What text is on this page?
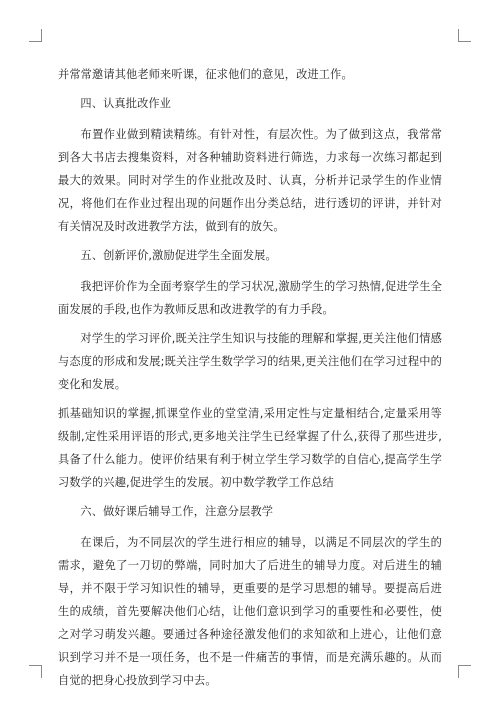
并常常邀请其他老师来听课，征求他们的意见，改进工作。

四、认真批改作业

布置作业做到精读精练。有针对性，有层次性。为了做到这点，我常常到各大书店去搜集资料，对各种辅助资料进行筛选，力求每一次练习都起到最大的效果。同时对学生的作业批改及时、认真，分析并记录学生的作业情况，将他们在作业过程出现的问题作出分类总结，进行透切的评讲，并针对有关情况及时改进教学方法，做到有的放矢。

五、创新评价,激励促进学生全面发展。

我把评价作为全面考察学生的学习状况,激励学生的学习热情,促进学生全面发展的手段,也作为教师反思和改进教学的有力手段。

对学生的学习评价,既关注学生知识与技能的理解和掌握,更关注他们情感与态度的形成和发展;既关注学生数学学习的结果,更关注他们在学习过程中的变化和发展。

抓基础知识的掌握,抓课堂作业的堂堂清,采用定性与定量相结合,定量采用等级制,定性采用评语的形式,更多地关注学生已经掌握了什么,获得了那些进步,具备了什么能力。使评价结果有利于树立学生学习数学的自信心,提高学生学习数学的兴趣,促进学生的发展。初中数学教学工作总结

六、做好课后辅导工作，注意分层教学

在课后，为不同层次的学生进行相应的辅导，以满足不同层次的学生的需求，避免了一刀切的弊端，同时加大了后进生的辅导力度。对后进生的辅导，并不限于学习知识性的辅导，更重要的是学习思想的辅导。要提高后进生的成绩，首先要解决他们心结，让他们意识到学习的重要性和必要性，使之对学习萌发兴趣。要通过各种途径激发他们的求知欲和上进心，让他们意识到学习并不是一项任务，也不是一件痛苦的事情，而是充满乐趣的。从而自觉的把身心投放到学习中去。
